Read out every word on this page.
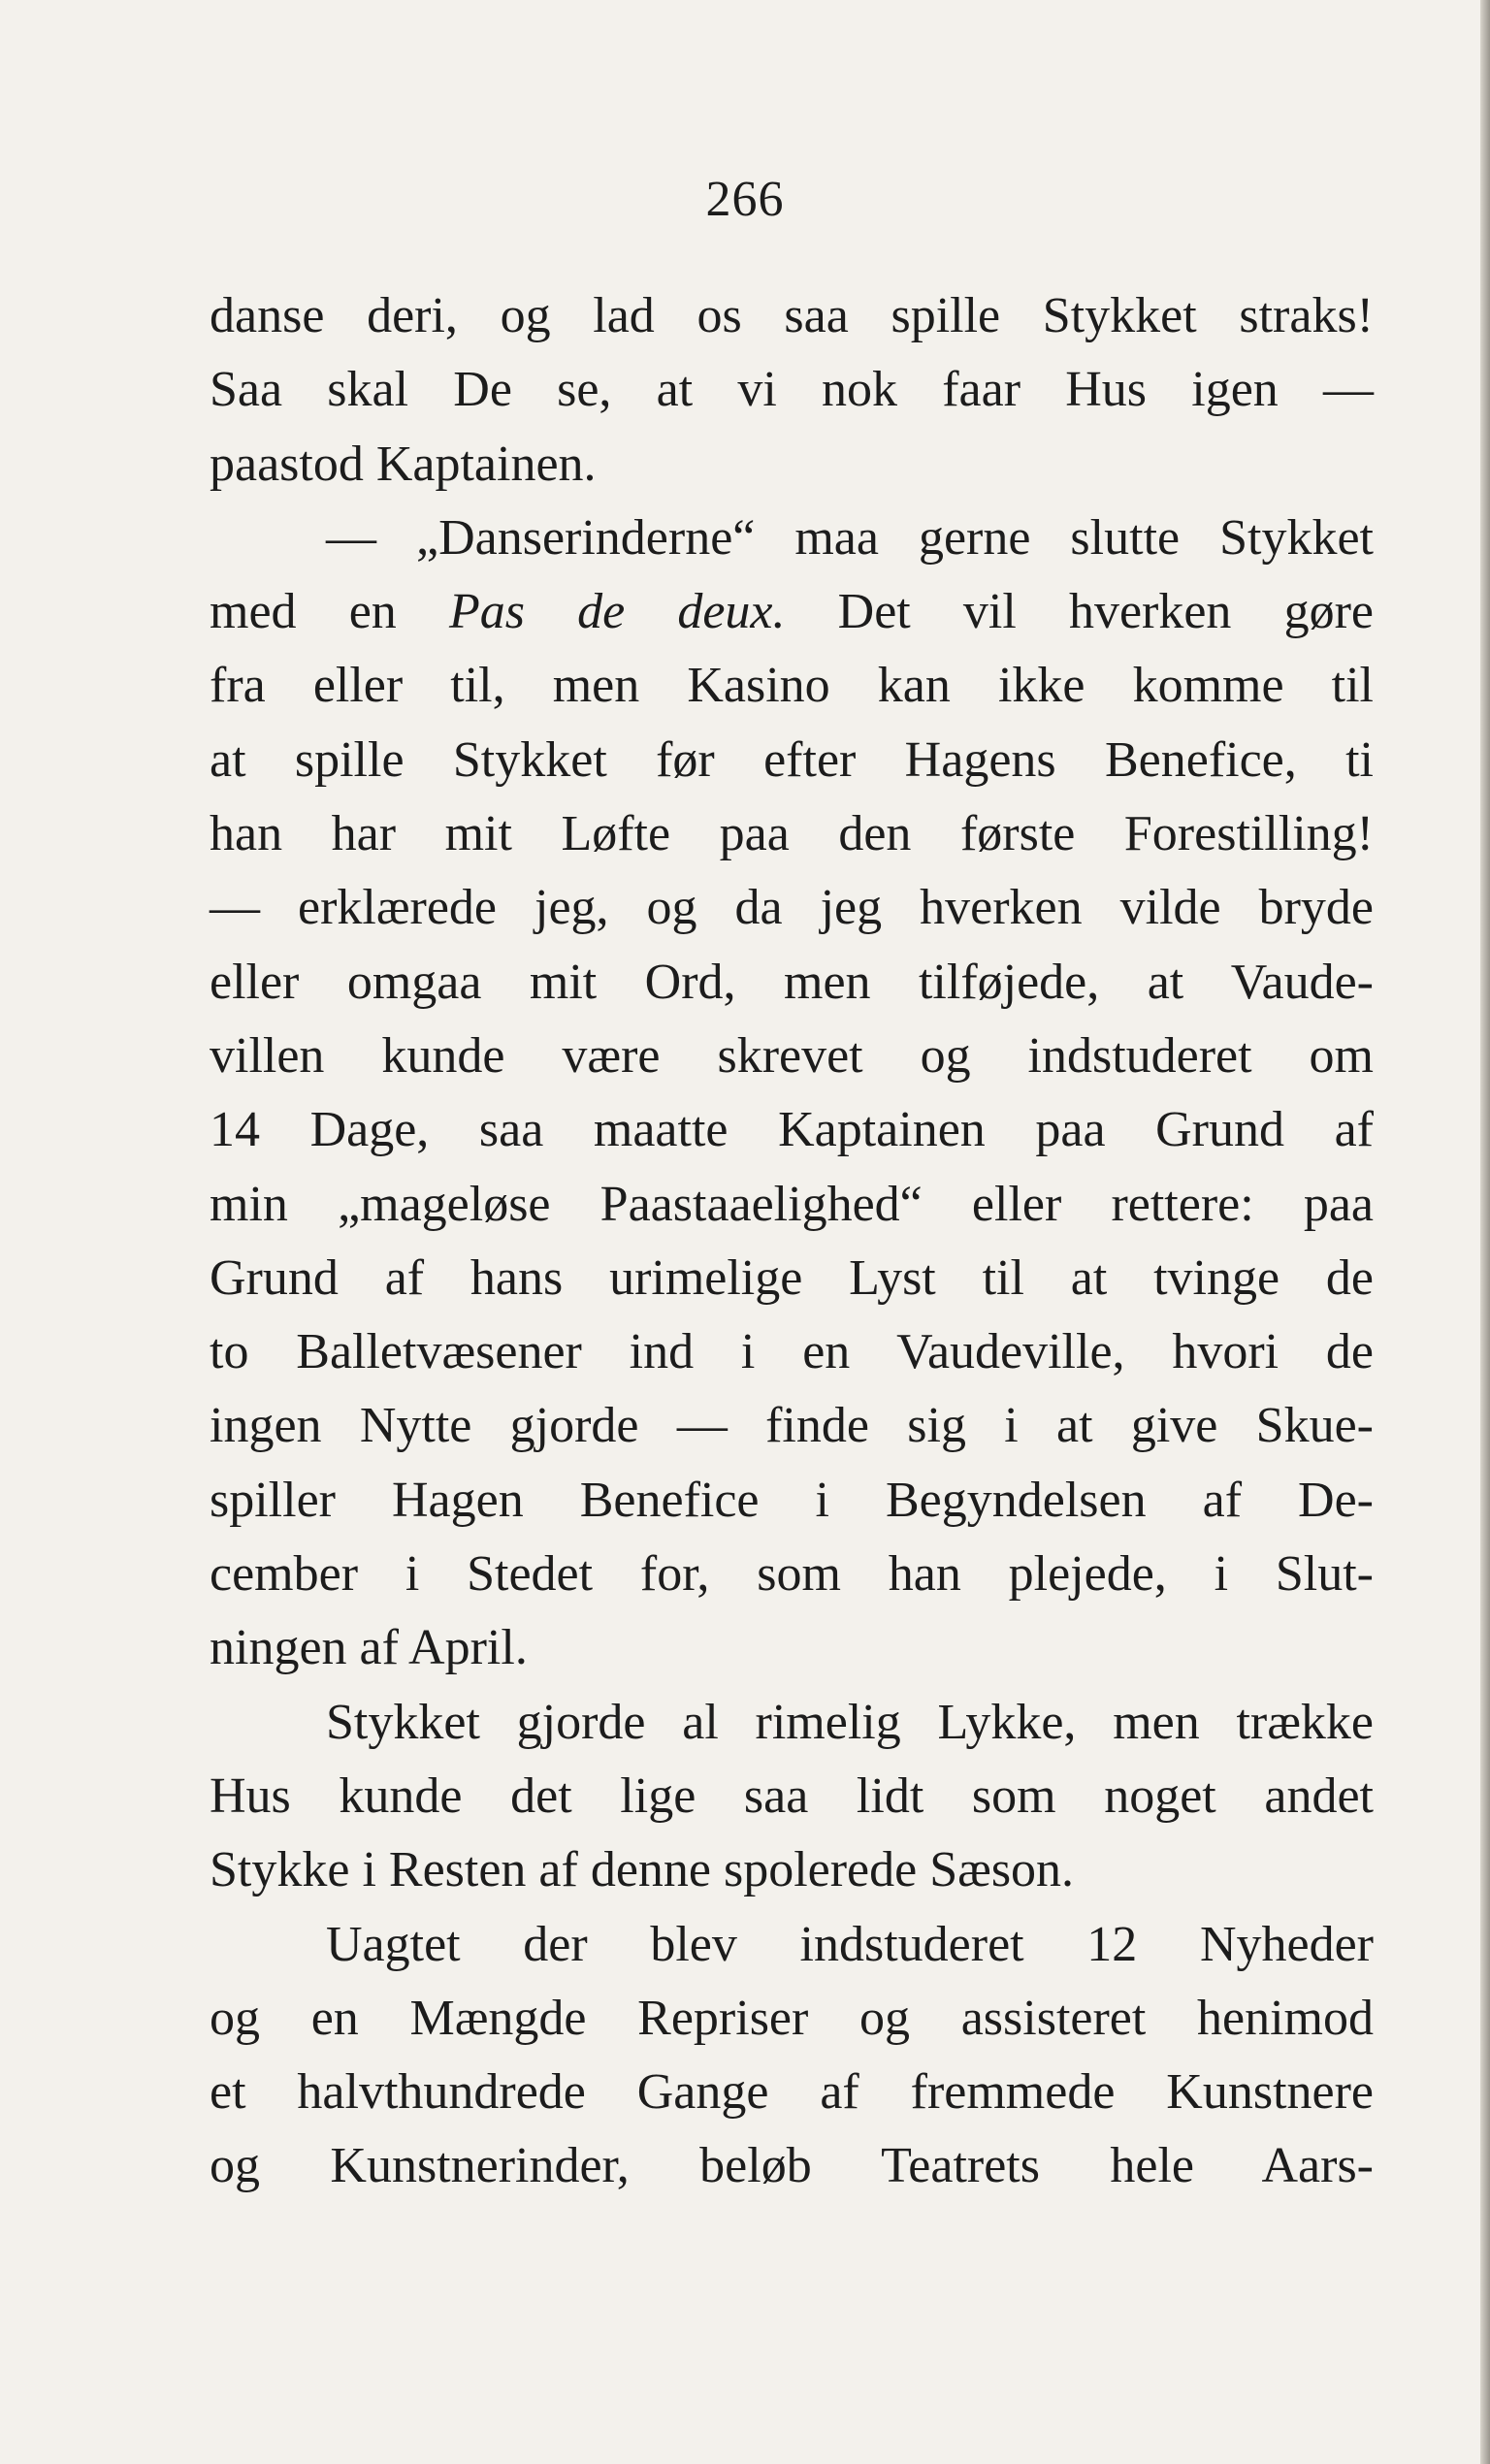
266
danse deri, og lad os saa spille Stykket straks!
Saa skal De se, at vi nok faar Hus igen —
paastod Kaptainen.
— „Danserinderne“ maa gerne slutte Stykket
med en Pas de deux. Det vil hverken gøre
fra eller til, men Kasino kan ikke komme til
at spille Stykket før efter Hagens Benefice, ti
han har mit Løfte paa den første Forestilling!
— erklærede jeg, og da jeg hverken vilde bryde
eller omgaa mit Ord, men tilføjede, at Vaude-
villen kunde være skrevet og indstuderet om
14 Dage, saa maatte Kaptainen paa Grund af
min „mageløse Paastaaelighed“ eller rettere: paa
Grund af hans urimelige Lyst til at tvinge de
to Balletvæsener ind i en Vaudeville, hvori de
ingen Nytte gjorde — finde sig i at give Skue-
spiller Hagen Benefice i Begyndelsen af De-
cember i Stedet for, som han plejede, i Slut-
ningen af April.
Stykket gjorde al rimelig Lykke, men trække
Hus kunde det lige saa lidt som noget andet
Stykke i Resten af denne spolerede Sæson.
Uagtet der blev indstuderet 12 Nyheder
og en Mængde Repriser og assisteret henimod
et halvthundrede Gange af fremmede Kunstnere
og Kunstnerinder, beløb Teatrets hele Aars-
